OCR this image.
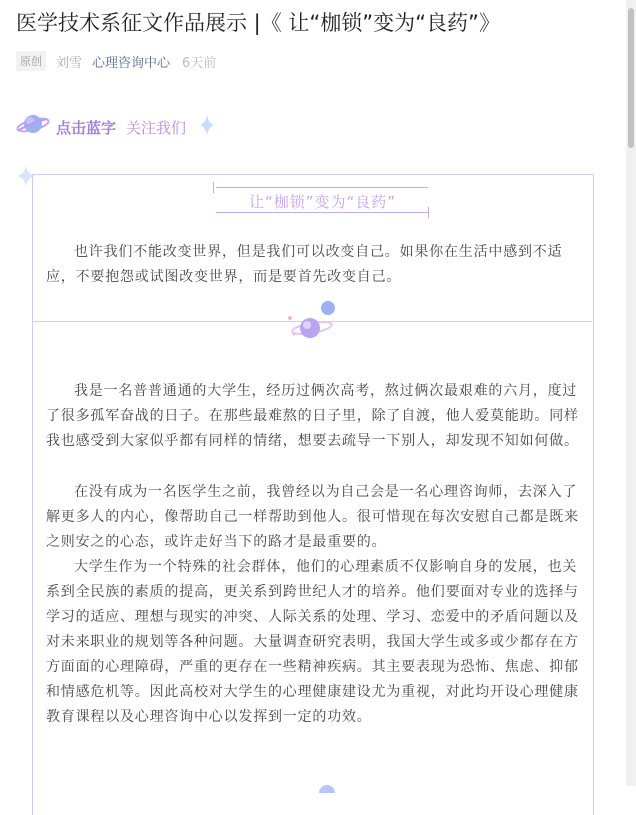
医学技术系征文作品展示 |《 让“枷锁”变为“良药”》
原创	刘雪 心理咨询中心 6天前
点击蓝字 关注我们
让“枷锁”变为“良药”

也许我们不能改变世界，但是我们可以改变自己。如果你在生活中感到不适应，不要抱怨或试图改变世界，而是要首先改变自己。

我是一名普普通通的大学生，经历过俩次高考，熬过俩次最艰难的六月，度过了很多孤军奋战的日子。在那些最难熬的日子里，除了自渡，他人爱莫能助。同样我也感受到大家似乎都有同样的情绪，想要去疏导一下别人，却发现不知如何做。

在没有成为一名医学生之前，我曾经以为自己会是一名心理咨询师，去深入了解更多人的内心，像帮助自己一样帮助到他人。很可惜现在每次安慰自己都是既来之则安之的心态，或许走好当下的路才是最重要的。

大学生作为一个特殊的社会群体，他们的心理素质不仅影响自身的发展，也关系到全民族的素质的提高，更关系到跨世纪人才的培养。他们要面对专业的选择与学习的适应、理想与现实的冲突、人际关系的处理、学习、恋爱中的矛盾问题以及对未来职业的规划等各种问题。大量调查研究表明，我国大学生或多或少都存在方方面面的心理障碍，严重的更存在一些精神疾病。其主要表现为恐怖、焦虑、抑郁和情感危机等。因此高校对大学生的心理健康建设尤为重视，对此均开设心理健康教育课程以及心理咨询中心以发挥到一定的功效。
